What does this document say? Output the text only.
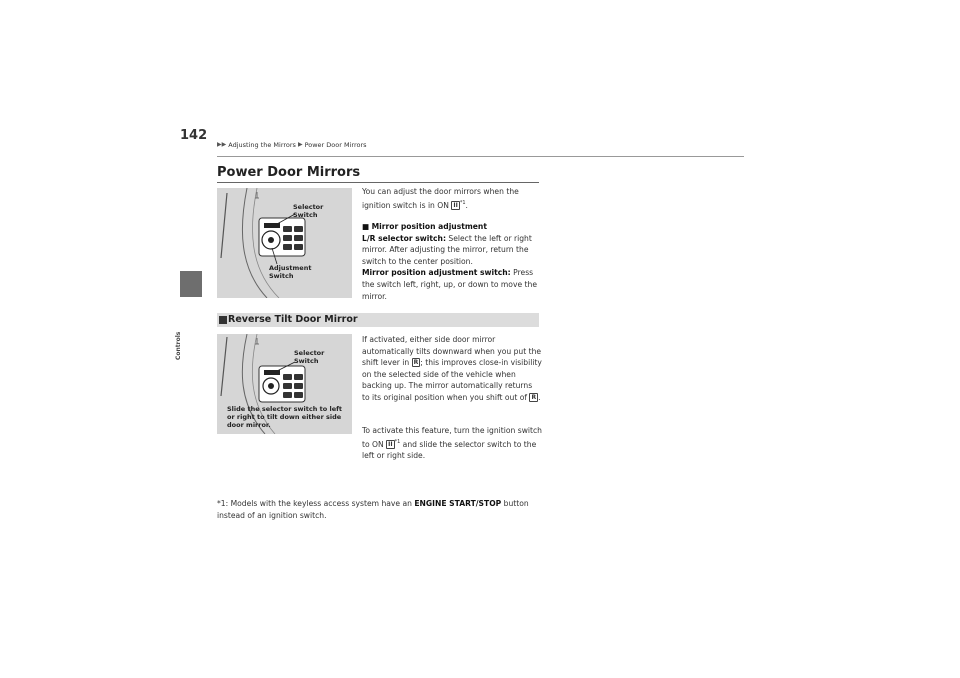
142
Controls
▶▶ Adjusting the Mirrors ▶ Power Door Mirrors
Power Door Mirrors
Selector
Switch
Adjustment
Switch
You can adjust the door mirrors when the ignition switch is in ON II $^{*1}$.
■ Mirror position adjustment
L/R selector switch: Select the left or right mirror. After adjusting the mirror, return the switch to the center position.
Mirror position adjustment switch: Press the switch left, right, up, or down to move the mirror.
Reverse Tilt Door Mirror
Selector
Switch
Slide the selector switch to left
or right to tilt down either side
door mirror.
If activated, either side door mirror automatically tilts downward when you put the shift lever in R ; this improves close-in visibility on the selected side of the vehicle when backing up. The mirror automatically returns to its original position when you shift out of R .
To activate this feature, turn the ignition switch to ON II $^{*1}$ and slide the selector switch to the left or right side.
*1: Models with the keyless access system have an ENGINE START/STOP button instead of an ignition switch.
